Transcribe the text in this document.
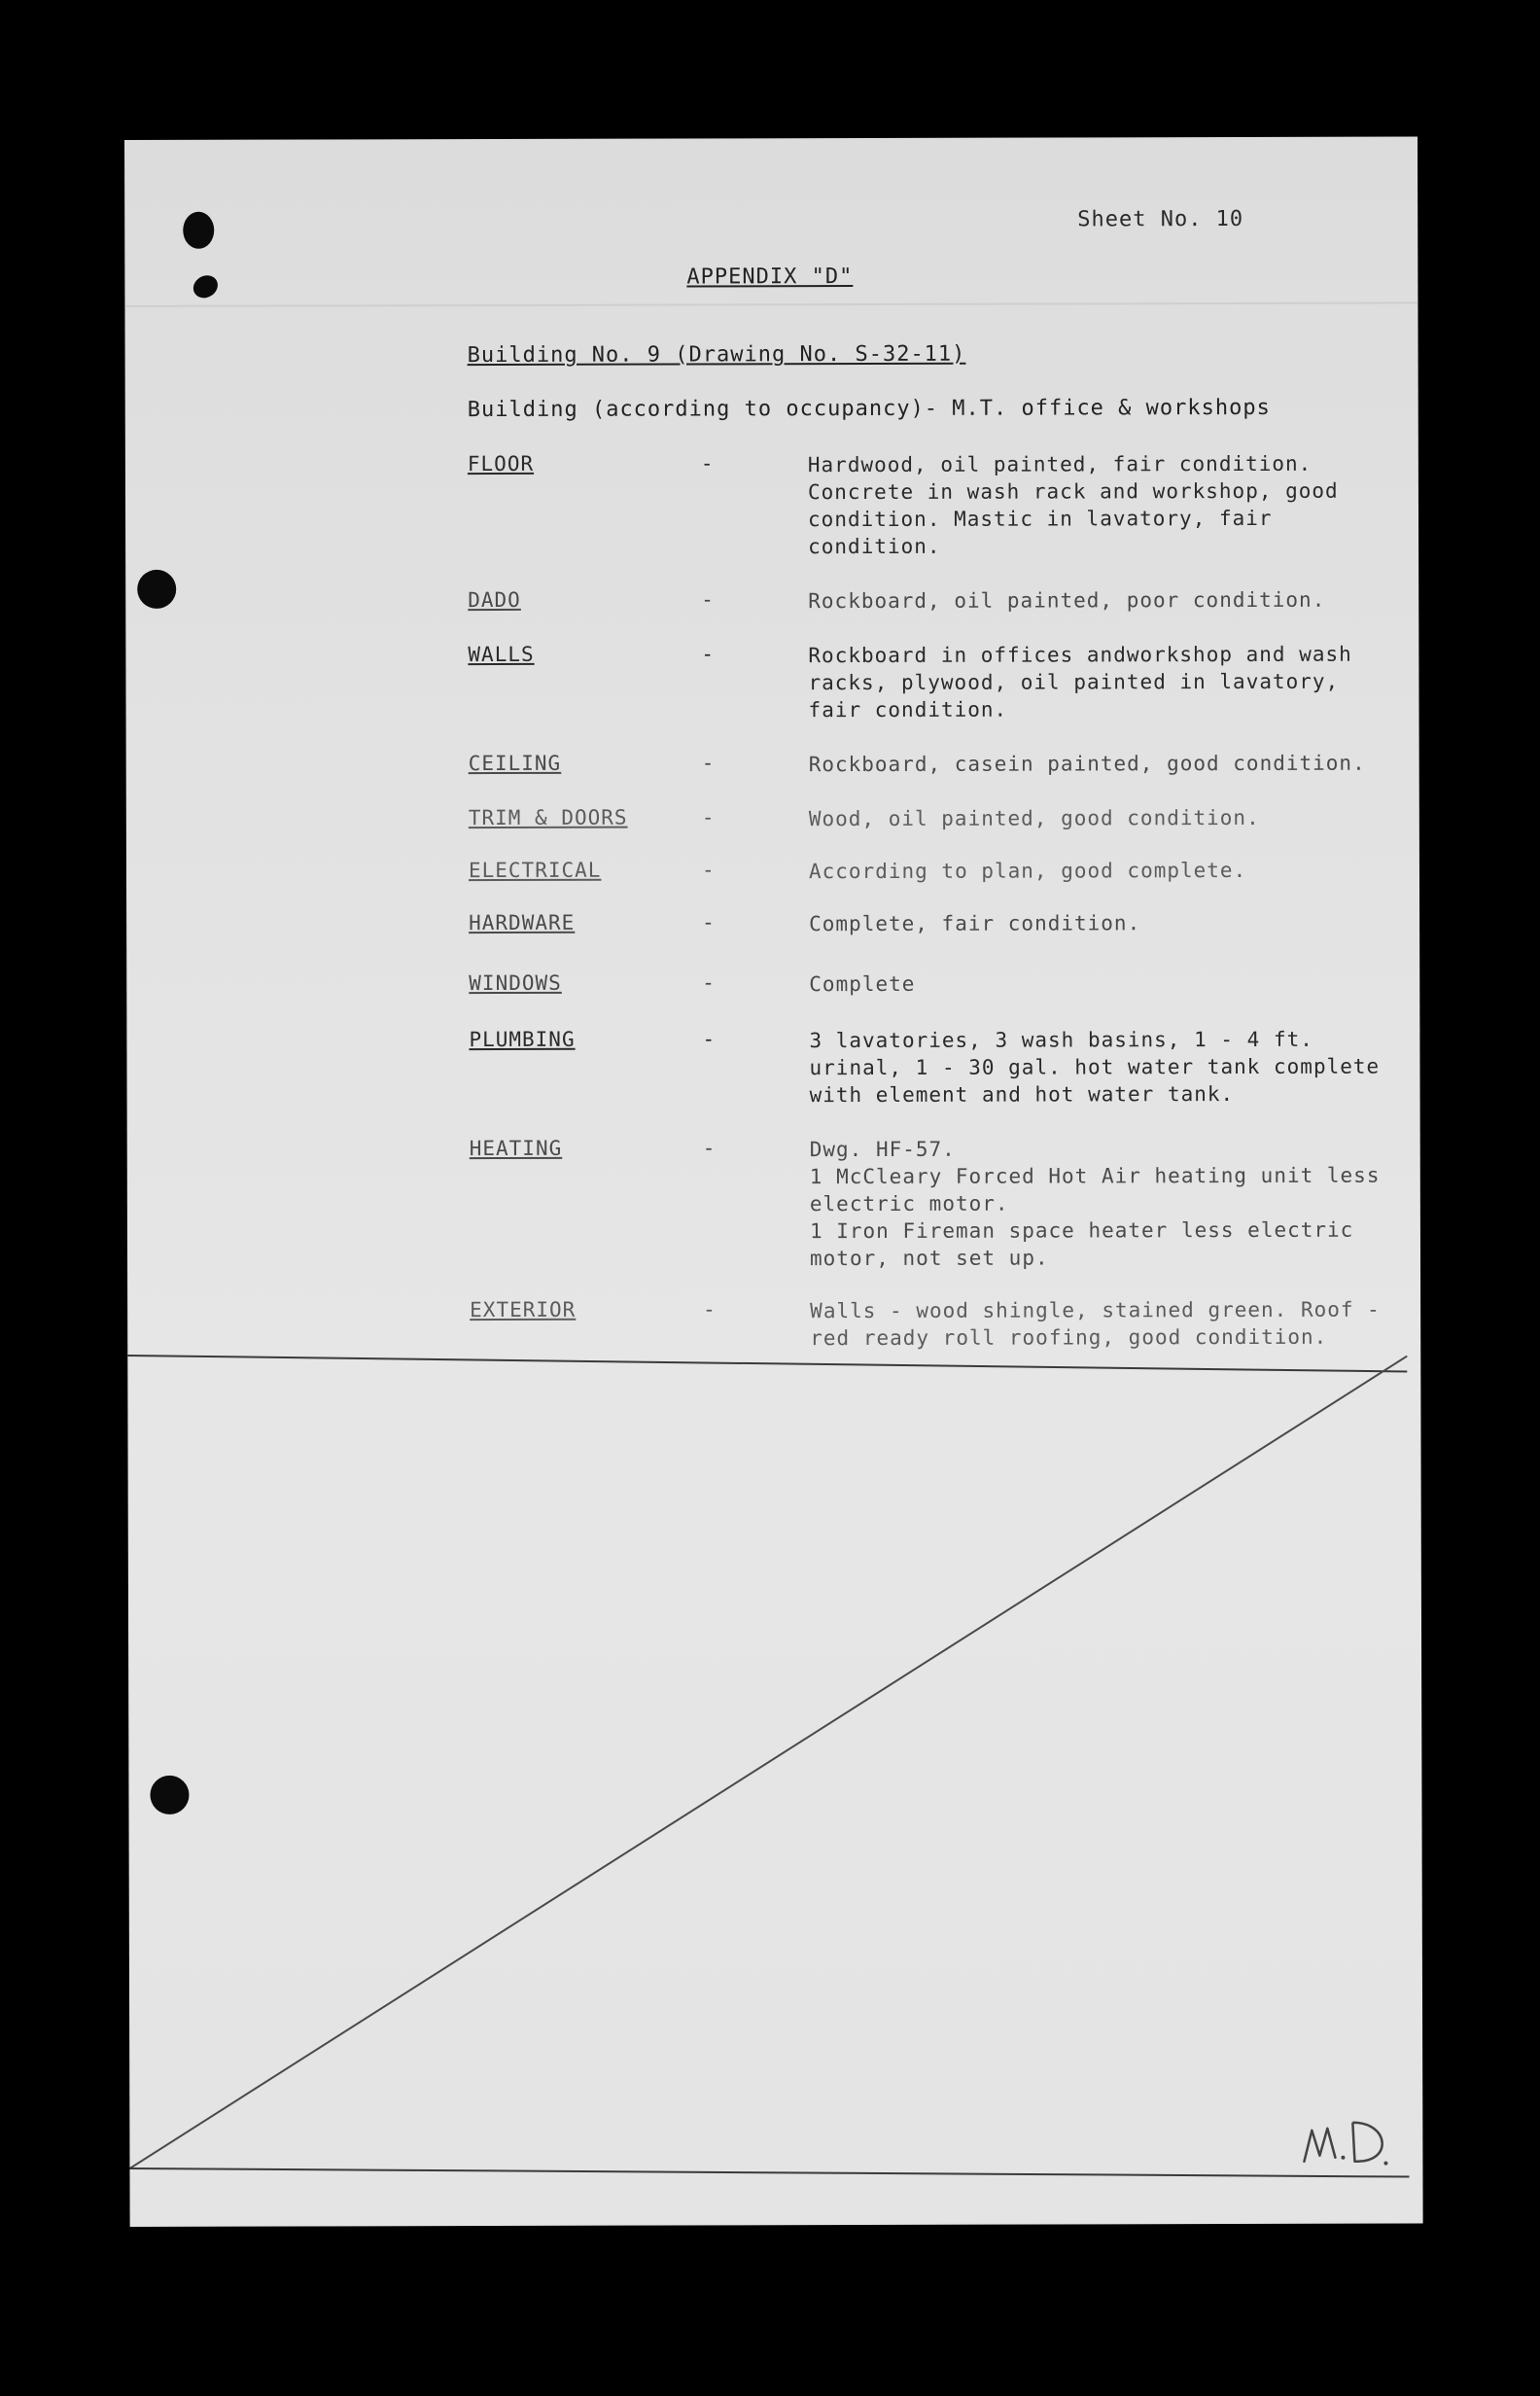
Sheet No. 10
APPENDIX "D"
Building No. 9 (Drawing No. S-32-11)
Building (according to occupancy)- M.T. office & workshops
FLOOR	-	Hardwood, oil painted, fair condition.
Concrete in wash rack and workshop, good
condition. Mastic in lavatory, fair
condition.
DADO	-	Rockboard, oil painted, poor condition.
WALLS	-	Rockboard in offices andworkshop and wash
racks, plywood, oil painted in lavatory,
fair condition.
CEILING	-	Rockboard, casein painted, good condition.
TRIM & DOORS	-	Wood, oil painted, good condition.
ELECTRICAL	-	According to plan, good complete.
HARDWARE	-	Complete, fair condition.
WINDOWS	-	Complete
PLUMBING	-	3 lavatories, 3 wash basins, 1 - 4 ft.
urinal, 1 - 30 gal. hot water tank complete
with element and hot water tank.
HEATING	-	Dwg. HF-57.
1 McCleary Forced Hot Air heating unit less
electric motor.
1 Iron Fireman space heater less electric
motor, not set up.
EXTERIOR	-	Walls - wood shingle, stained green. Roof -
red ready roll roofing, good condition.
